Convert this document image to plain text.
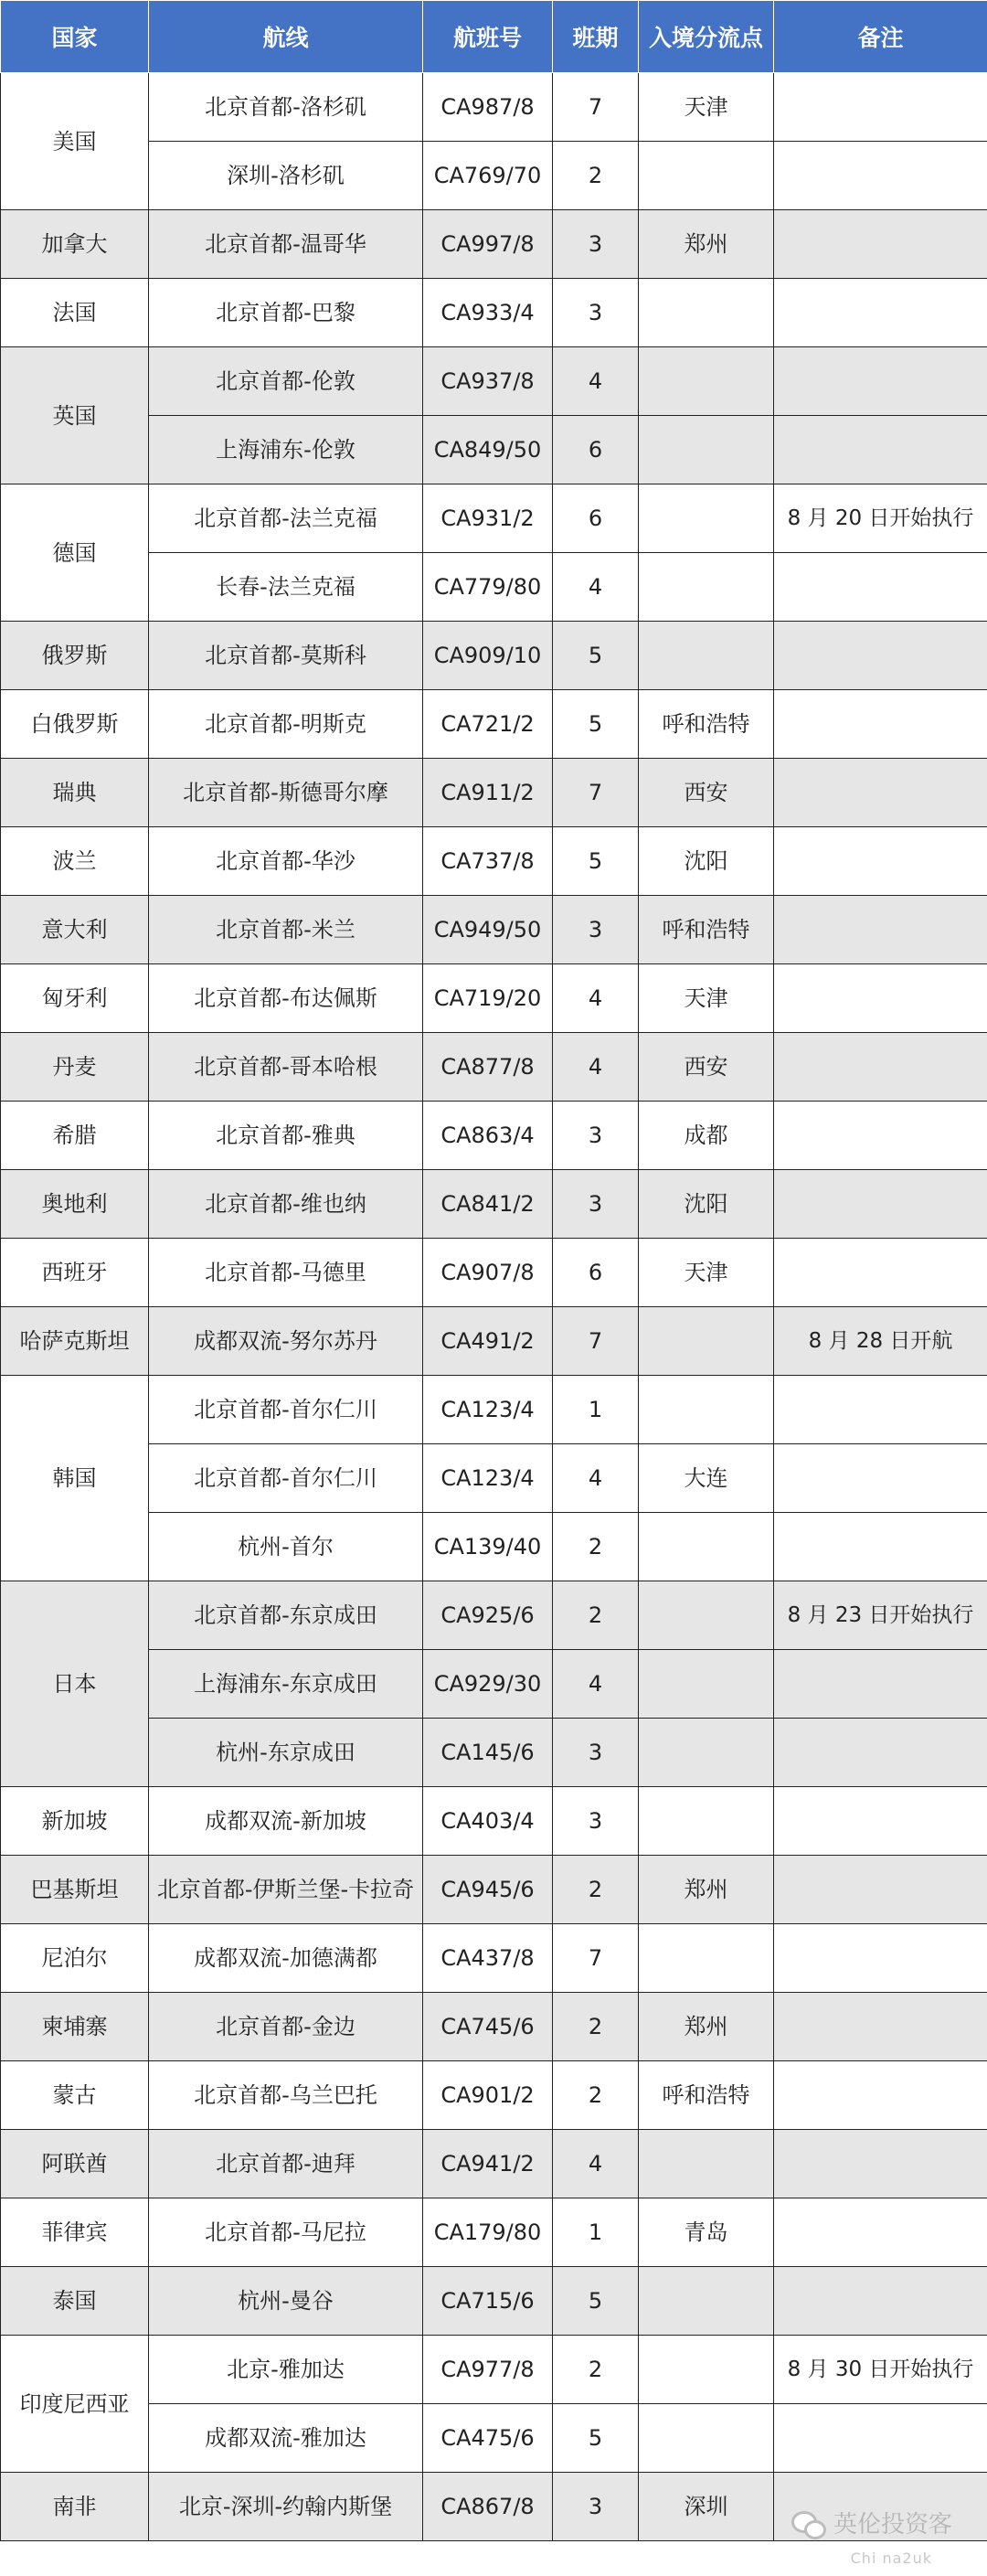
国家	航线	航班号	班期	入境分流点	备注
美国	北京首都-洛杉矶	CA987/8	7	天津	
	深圳-洛杉矶	CA769/70	2		
加拿大	北京首都-温哥华	CA997/8	3	郑州	
法国	北京首都-巴黎	CA933/4	3		
英国	北京首都-伦敦	CA937/8	4		
	上海浦东-伦敦	CA849/50	6		
德国	北京首都-法兰克福	CA931/2	6		8 月 20 日开始执行
	长春-法兰克福	CA779/80	4		
俄罗斯	北京首都-莫斯科	CA909/10	5		
白俄罗斯	北京首都-明斯克	CA721/2	5	呼和浩特	
瑞典	北京首都-斯德哥尔摩	CA911/2	7	西安	
波兰	北京首都-华沙	CA737/8	5	沈阳	
意大利	北京首都-米兰	CA949/50	3	呼和浩特	
匈牙利	北京首都-布达佩斯	CA719/20	4	天津	
丹麦	北京首都-哥本哈根	CA877/8	4	西安	
希腊	北京首都-雅典	CA863/4	3	成都	
奥地利	北京首都-维也纳	CA841/2	3	沈阳	
西班牙	北京首都-马德里	CA907/8	6	天津	
哈萨克斯坦	成都双流-努尔苏丹	CA491/2	7		8 月 28 日开航
韩国	北京首都-首尔仁川	CA123/4	1		
	北京首都-首尔仁川	CA123/4	4	大连	
	杭州-首尔	CA139/40	2		
日本	北京首都-东京成田	CA925/6	2		8 月 23 日开始执行
	上海浦东-东京成田	CA929/30	4		
	杭州-东京成田	CA145/6	3		
新加坡	成都双流-新加坡	CA403/4	3		
巴基斯坦	北京首都-伊斯兰堡-卡拉奇	CA945/6	2	郑州	
尼泊尔	成都双流-加德满都	CA437/8	7		
柬埔寨	北京首都-金边	CA745/6	2	郑州	
蒙古	北京首都-乌兰巴托	CA901/2	2	呼和浩特	
阿联酋	北京首都-迪拜	CA941/2	4		
菲律宾	北京首都-马尼拉	CA179/80	1	青岛	
泰国	杭州-曼谷	CA715/6	5		
印度尼西亚	北京-雅加达	CA977/8	2		8 月 30 日开始执行
	成都双流-雅加达	CA475/6	5		
南非	北京-深圳-约翰内斯堡	CA867/8	3	深圳	
英伦投资客
Chi na2uk
